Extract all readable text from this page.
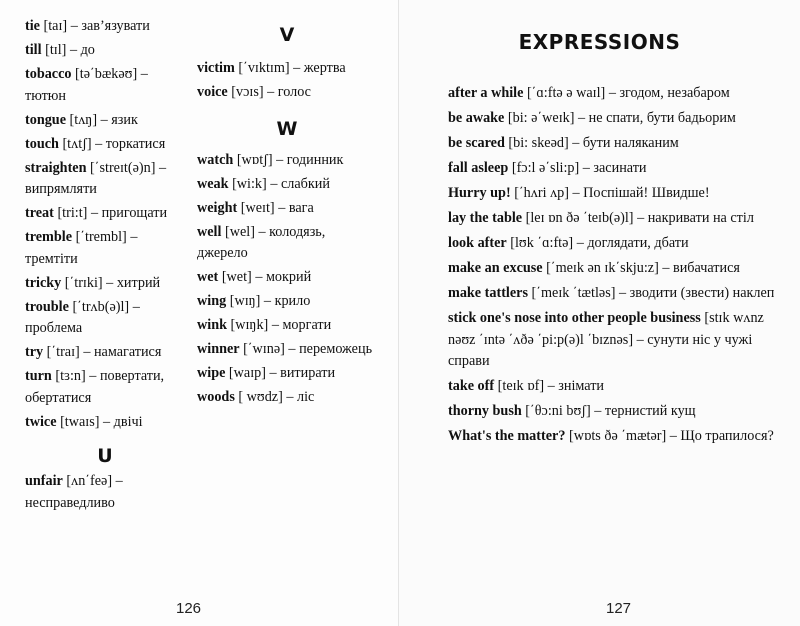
tie [taɪ] – зав’язувати
till [tɪl] – до
tobacco [tə΄bækəʊ] – тютюн
tongue [tʌŋ] – язик
touch [tʌtʃ] – торкатися
straighten [΄streɪt(ə)n] – випрямляти
treat [tri:t] – пригощати
tremble [΄trembl] – тремтіти
tricky [΄trɪki] – хитрий
trouble [΄trʌb(ə)l] – проблема
try [΄traɪ] – намагатися
turn [tɜ:n] – повертати, обертатися
twice [twaɪs] – двічі
U
unfair [ʌn΄feə] – несправедливо
V
victim [΄vɪktɪm] – жертва
voice [vɔɪs] – голос
W
watch [wɒtʃ] – годинник
weak [wi:k] – слабкий
weight [weɪt] – вага
well [wel] – колодязь, джерело
wet [wet] – мокрий
wing [wɪŋ] – крило
wink [wɪŋk] – моргати
winner [΄wɪnə] – переможець
wipe [waɪp] – витирати
woods [ wʊdz] – ліс
EXPRESSIONS
after a while [΄ɑ:ftə ə waɪl] – згодом, незабаром
be awake [bi: ə΄weɪk] – не спати, бути бадьорим
be scared [bi: skeəd] – бути наляканим
fall asleep [fɔ:l ə΄sli:p] – засинати
Hurry up! [΄hʌri ʌp] – Поспішай! Швидше!
lay the table [leɪ ɒn ðə ΄teɪb(ə)l] – накривати на стіл
look after [lʊk ΄ɑ:ftə] – доглядати, дбати
make an excuse [΄meɪk ən ɪk΄skju:z] – вибачатися
make tattlers [΄meɪk ΄tætləs] – зводити (звести) наклеп
stick one's nose into other people business [stɪk wʌnz nəʊz ΄ɪntə ΄ʌðə ΄pi:p(ə)l ΄bɪznəs] – сунути ніс у чужі справи
take off [teɪk ɒf] – знімати
thorny bush [΄θɔ:ni bʊʃ] – тернистий кущ
What's the matter? [wɒts ðə ΄mætər] – Що трапилося?
126	127
